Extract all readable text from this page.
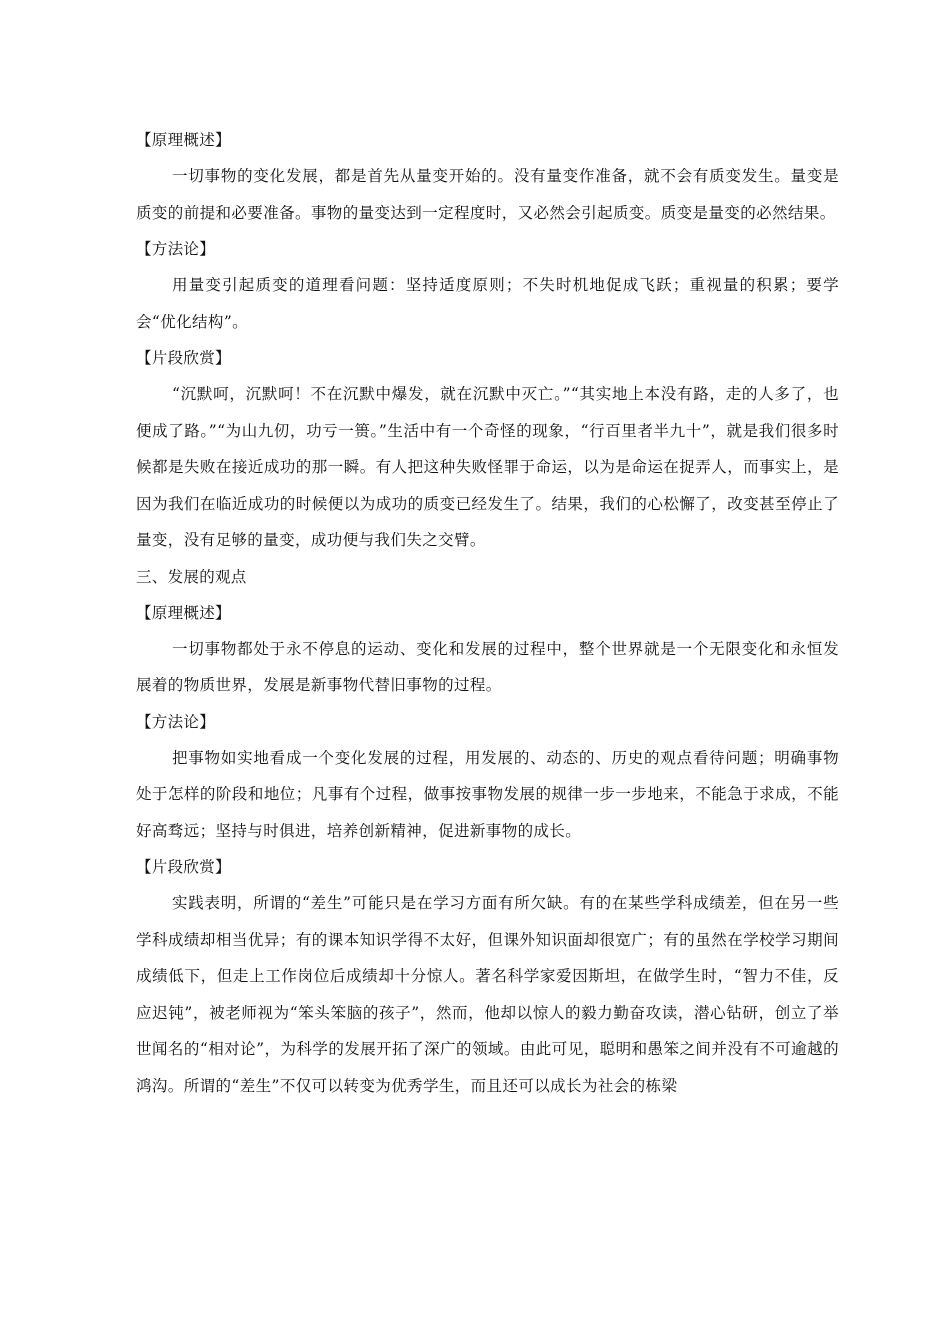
【原理概述】

一切事物的变化发展，都是首先从量变开始的。没有量变作准备，就不会有质变发生。量变是质变的前提和必要准备。事物的量变达到一定程度时，又必然会引起质变。质变是量变的必然结果。

【方法论】

用量变引起质变的道理看问题：坚持适度原则；不失时机地促成飞跃；重视量的积累；要学会“优化结构”。

【片段欣赏】

“沉默呵，沉默呵！不在沉默中爆发，就在沉默中灭亡。”“其实地上本没有路，走的人多了，也便成了路。”“为山九仞，功亏一篑。”生活中有一个奇怪的现象，“行百里者半九十”，就是我们很多时候都是失败在接近成功的那一瞬。有人把这种失败怪罪于命运，以为是命运在捉弄人，而事实上，是因为我们在临近成功的时候便以为成功的质变已经发生了。结果，我们的心松懈了，改变甚至停止了量变，没有足够的量变，成功便与我们失之交臂。

三、发展的观点
【原理概述】

一切事物都处于永不停息的运动、变化和发展的过程中，整个世界就是一个无限变化和永恒发展着的物质世界，发展是新事物代替旧事物的过程。

【方法论】

把事物如实地看成一个变化发展的过程，用发展的、动态的、历史的观点看待问题；明确事物处于怎样的阶段和地位；凡事有个过程，做事按事物发展的规律一步一步地来，不能急于求成，不能好高骛远；坚持与时俱进，培养创新精神，促进新事物的成长。

【片段欣赏】

实践表明，所谓的“差生”可能只是在学习方面有所欠缺。有的在某些学科成绩差，但在另一些学科成绩却相当优异；有的课本知识学得不太好，但课外知识面却很宽广；有的虽然在学校学习期间成绩低下，但走上工作岗位后成绩却十分惊人。著名科学家爱因斯坦，在做学生时，“智力不佳，反应迟钝”，被老师视为“笨头笨脑的孩子”，然而，他却以惊人的毅力勤奋攻读，潜心钻研，创立了举世闻名的“相对论”，为科学的发展开拓了深广的领域。由此可见，聪明和愚笨之间并没有不可逾越的鸿沟。所谓的“差生”不仅可以转变为优秀学生，而且还可以成长为社会的栋梁
